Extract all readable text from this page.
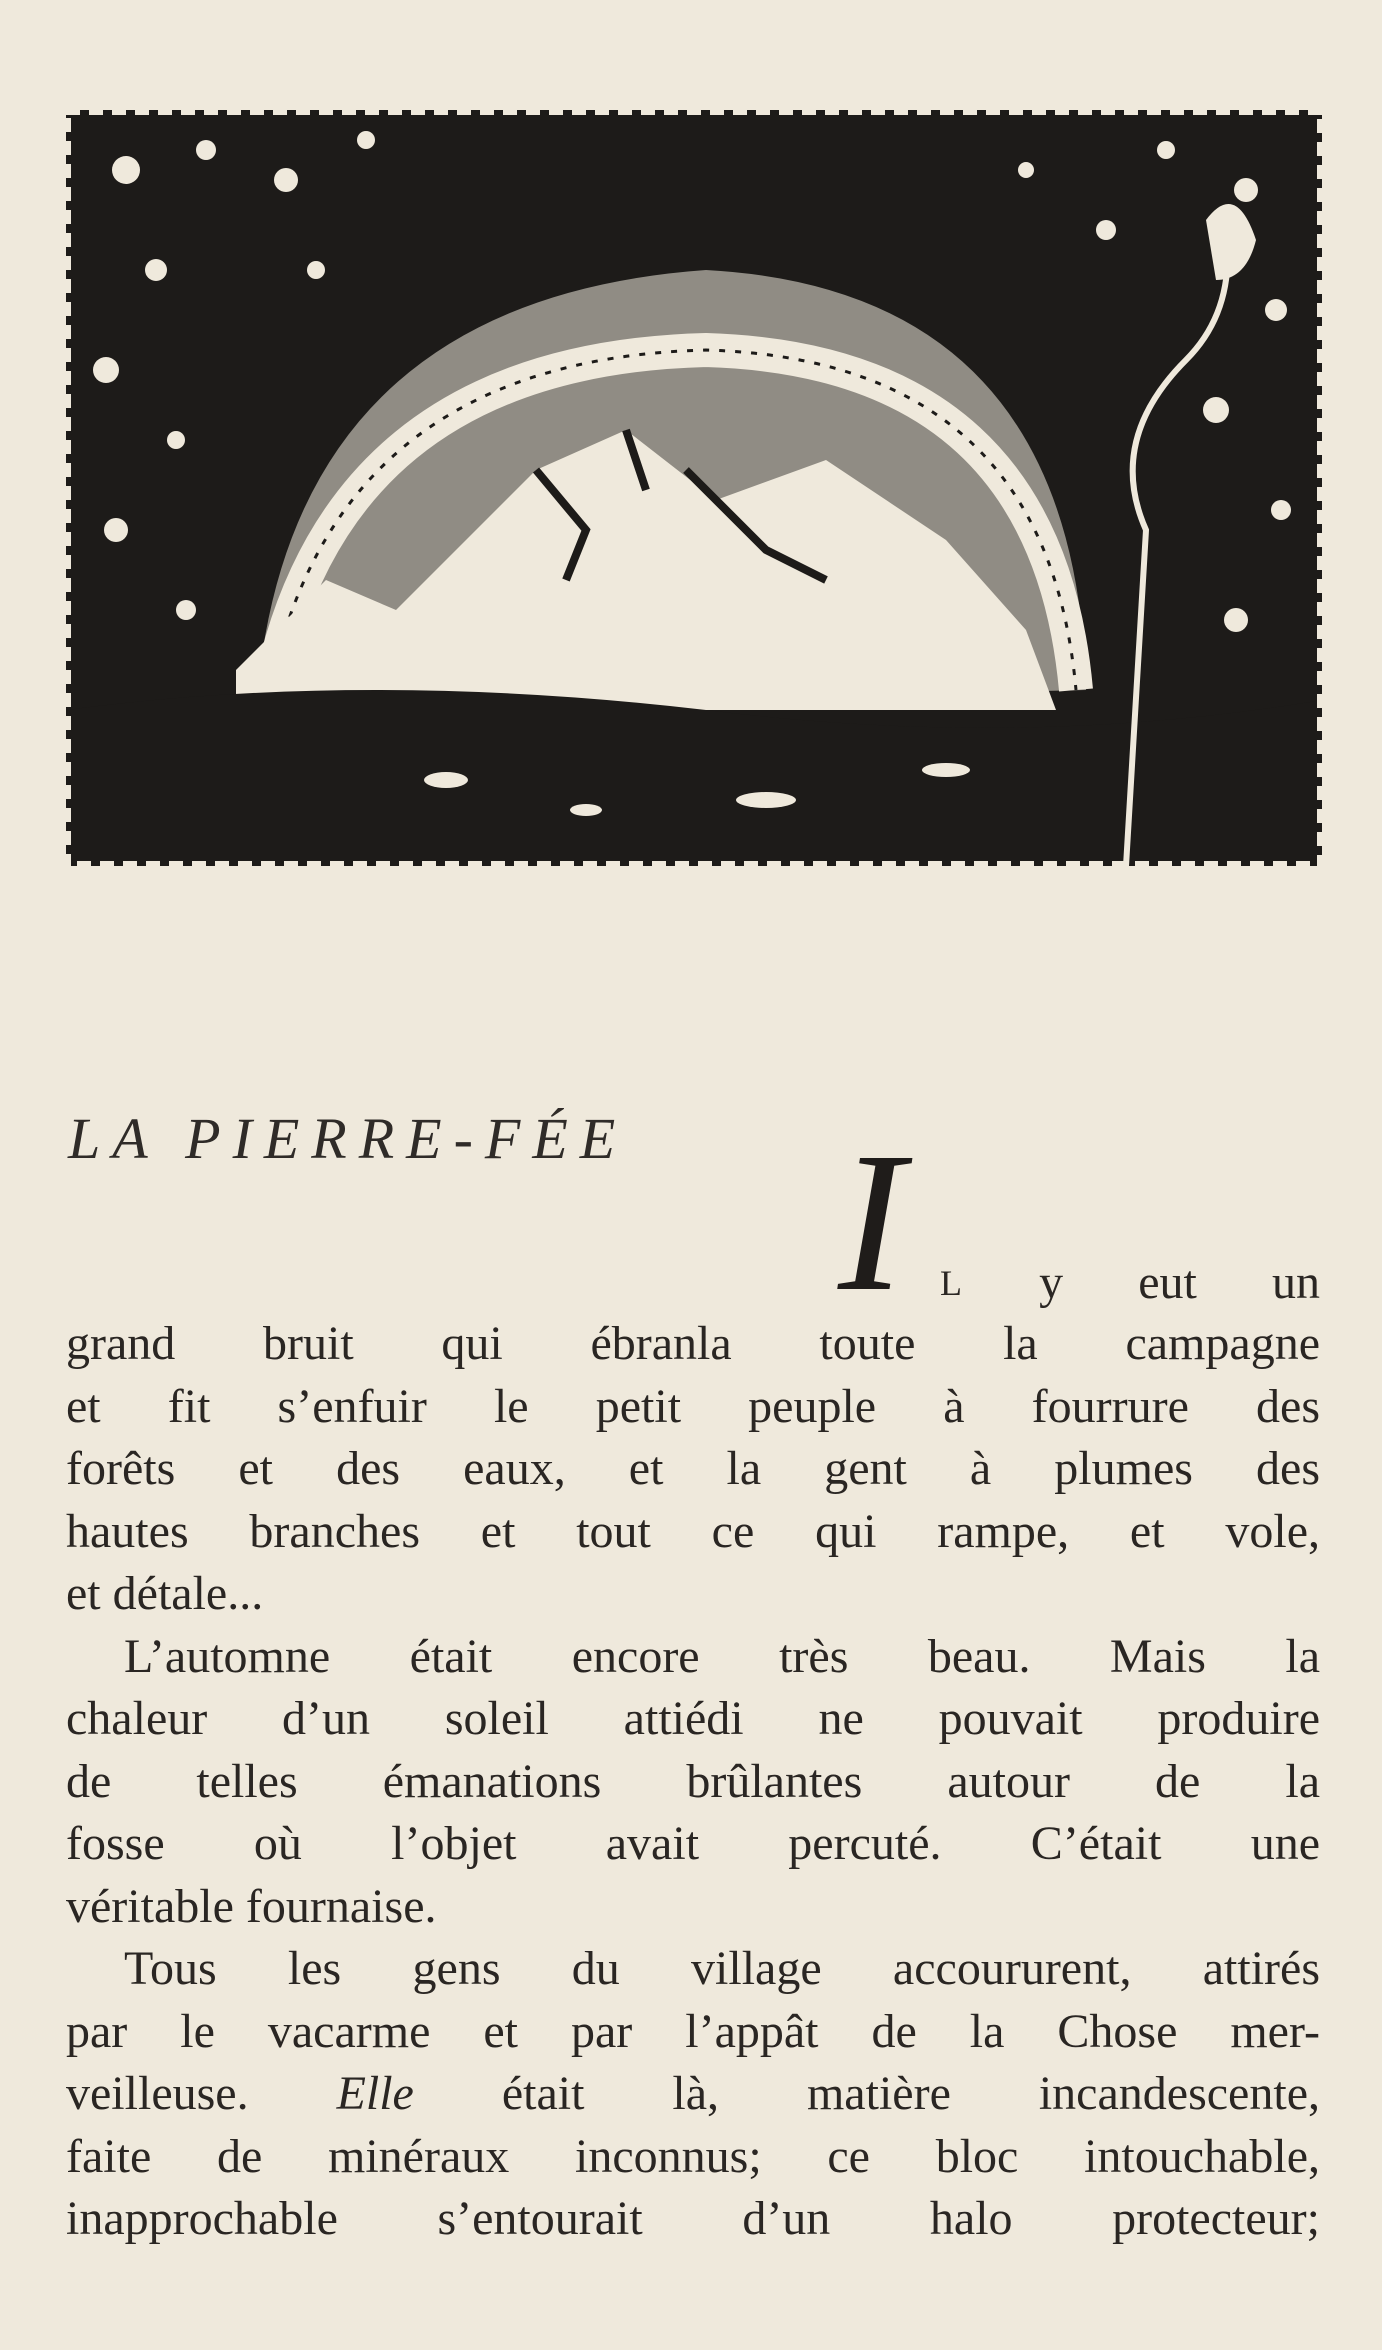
LA PIERRE-FÉE I L y eut un

grand bruit qui ébranla toute la campagne
et fit s’enfuir le petit peuple à fourrure des
forêts et des eaux, et la gent à plumes des
hautes branches et tout ce qui rampe, et vole,
et détale...

L’automne était encore très beau. Mais la
chaleur d’un soleil attiédi ne pouvait produire
de telles émanations brûlantes autour de la
fosse où l’objet avait percuté. C’était une
véritable fournaise.

Tous les gens du village accoururent, attirés
par le vacarme et par l’appât de la Chose mer-
veilleuse. Elle était là, matière incandescente,
faite de minéraux inconnus; ce bloc intouchable,
inapprochable s’entourait d’un halo protecteur;
